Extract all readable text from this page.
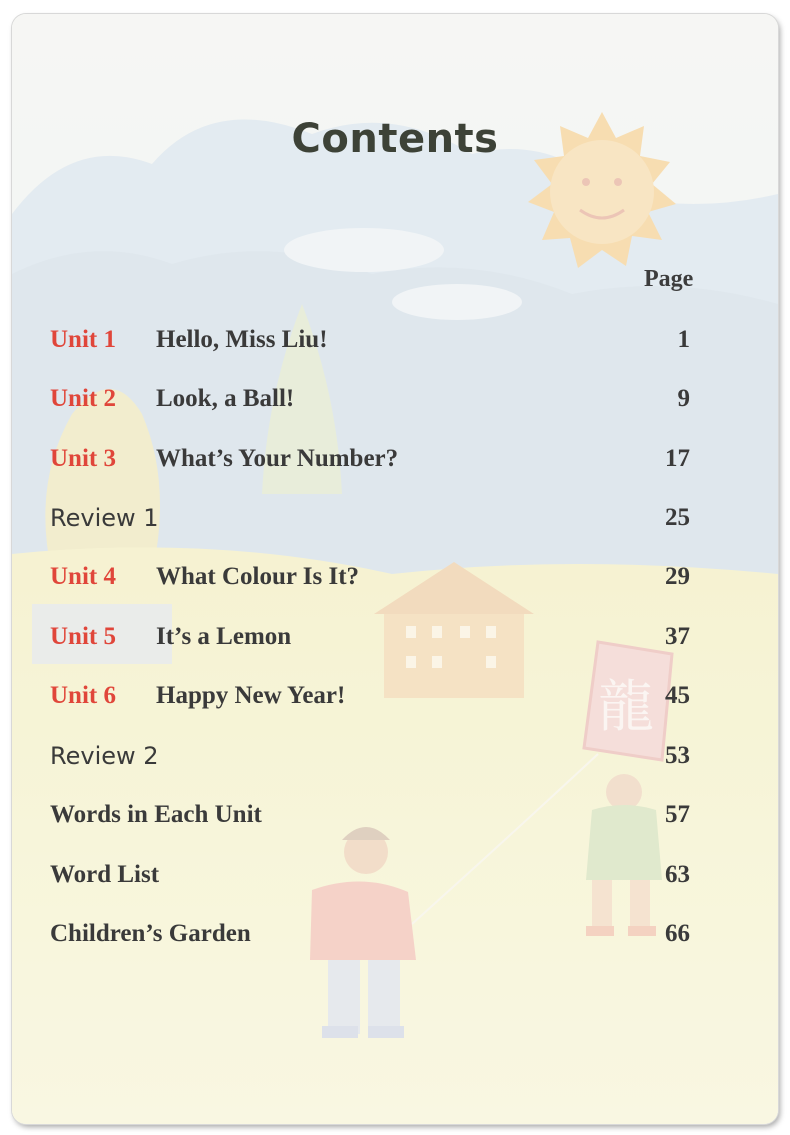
龍
Contents
Page
Unit 1 Hello, Miss Liu!	1
Unit 2 Look, a Ball!	9
Unit 3 What’s Your Number?	17
Review 1	25
Unit 4 What Colour Is It?	29
Unit 5 It’s a Lemon	37
Unit 6 Happy New Year!	45
Review 2	53
Words in Each Unit	57
Word List	63
Children’s Garden	66
